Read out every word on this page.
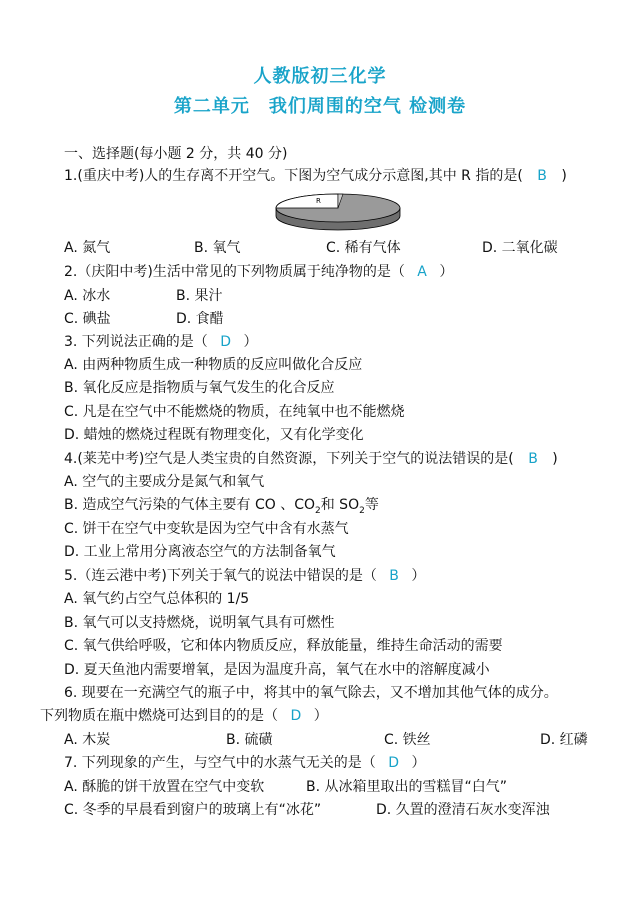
人教版初三化学
第二单元　我们周围的空气 检测卷
一、选择题(每小题 2 分，共 40 分)
1.(重庆中考)人的生存离不开空气。下图为空气成分示意图,其中 R 指的是( B )
R
A. 氮气	B. 氧气	C. 稀有气体	D. 二氧化碳
2.（庆阳中考)生活中常见的下列物质属于纯净物的是（ A ）
A. 冰水	B. 果汁
C. 碘盐	D. 食醋
3. 下列说法正确的是（ D ）
A. 由两种物质生成一种物质的反应叫做化合反应
B. 氧化反应是指物质与氧气发生的化合反应
C. 凡是在空气中不能燃烧的物质，在纯氧中也不能燃烧
D. 蜡烛的燃烧过程既有物理变化，又有化学变化
4.(莱芜中考)空气是人类宝贵的自然资源，下列关于空气的说法错误的是( B )
A. 空气的主要成分是氮气和氧气
B. 造成空气污染的气体主要有 CO 、$CO_2$和 $SO_2$等
C. 饼干在空气中变软是因为空气中含有水蒸气
D. 工业上常用分离液态空气的方法制备氧气
5.（连云港中考)下列关于氧气的说法中错误的是（ B ）
A. 氧气约占空气总体积的 1/5
B. 氧气可以支持燃烧，说明氧气具有可燃性
C. 氧气供给呼吸，它和体内物质反应，释放能量，维持生命活动的需要
D. 夏天鱼池内需要增氧，是因为温度升高，氧气在水中的溶解度减小
6. 现要在一充满空气的瓶子中，将其中的氧气除去，又不增加其他气体的成分。
下列物质在瓶中燃烧可达到目的的是（ D ）
A. 木炭	B. 硫磺	C. 铁丝	D. 红磷
7. 下列现象的产生，与空气中的水蒸气无关的是（ D ）
A. 酥脆的饼干放置在空气中变软	B. 从冰箱里取出的雪糕冒“白气”
C. 冬季的早晨看到窗户的玻璃上有“冰花”	D. 久置的澄清石灰水变浑浊
